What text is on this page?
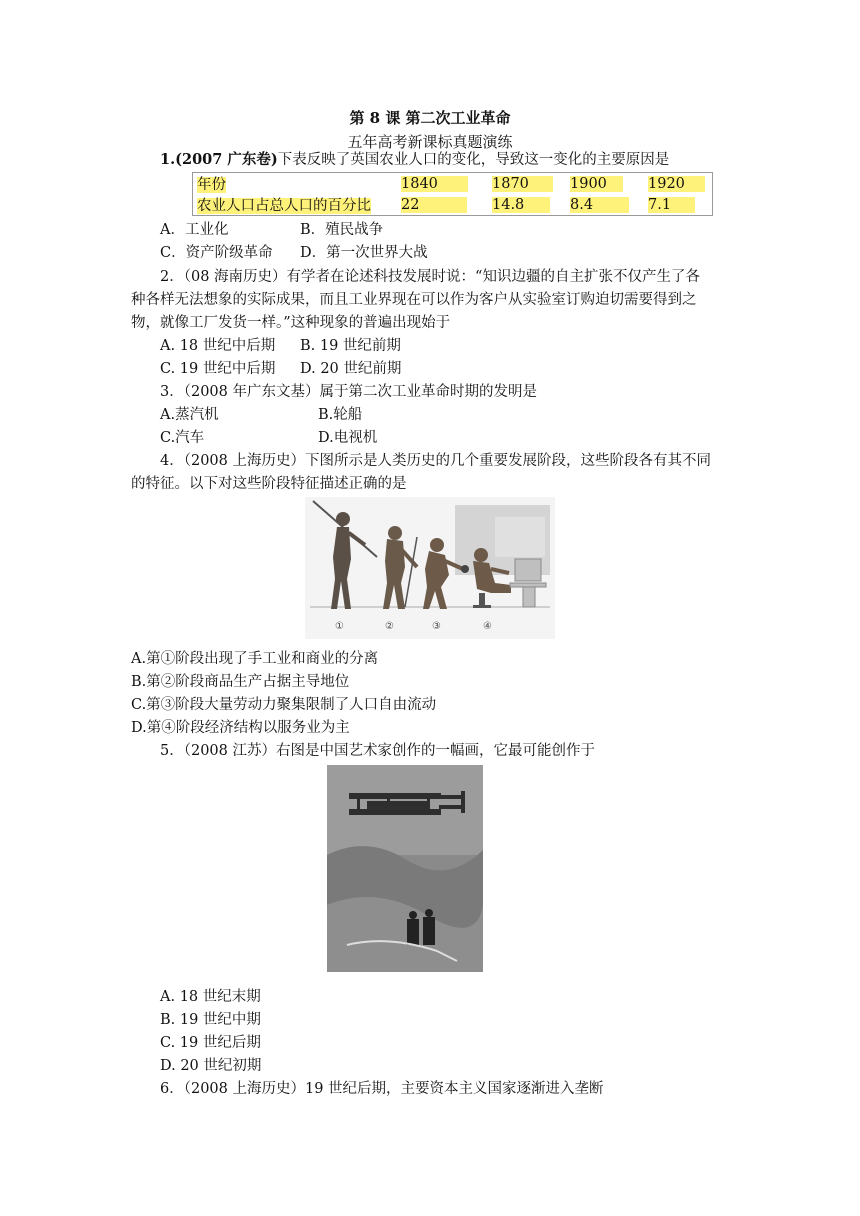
第 8 课 第二次工业革命
五年高考新课标真题演练
1.(2007 广东卷)下表反映了英国农业人口的变化，导致这一变化的主要原因是
年份	1840	1870	1900	1920
农业人口占总人口的百分比	22	14.8	8.4	7.1
A．工业化	B．殖民战争
C．资产阶级革命 D．第一次世界大战
2．（08 海南历史）有学者在论述科技发展时说：“知识边疆的自主扩张不仅产生了各
种各样无法想象的实际成果，而且工业界现在可以作为客户从实验室订购迫切需要得到之
物，就像工厂发货一样。”这种现象的普遍出现始于
A. 18 世纪中后期 B. 19 世纪前期
C. 19 世纪中后期 D. 20 世纪前期
3．（2008 年广东文基）属于第二次工业革命时期的发明是
A.蒸汽机	B.轮船
C.汽车	D.电视机
4．（2008 上海历史）下图所示是人类历史的几个重要发展阶段，这些阶段各有其不同
的特征。以下对这些阶段特征描述正确的是
①	②	③	④
A.第①阶段出现了手工业和商业的分离
B.第②阶段商品生产占据主导地位
C.第③阶段大量劳动力聚集限制了人口自由流动
D.第④阶段经济结构以服务业为主
5．（2008 江苏）右图是中国艺术家创作的一幅画，它最可能创作于
A. 18 世纪末期
B. 19 世纪中期
C. 19 世纪后期
D. 20 世纪初期
6．（2008 上海历史）19 世纪后期，主要资本主义国家逐渐进入垄断
